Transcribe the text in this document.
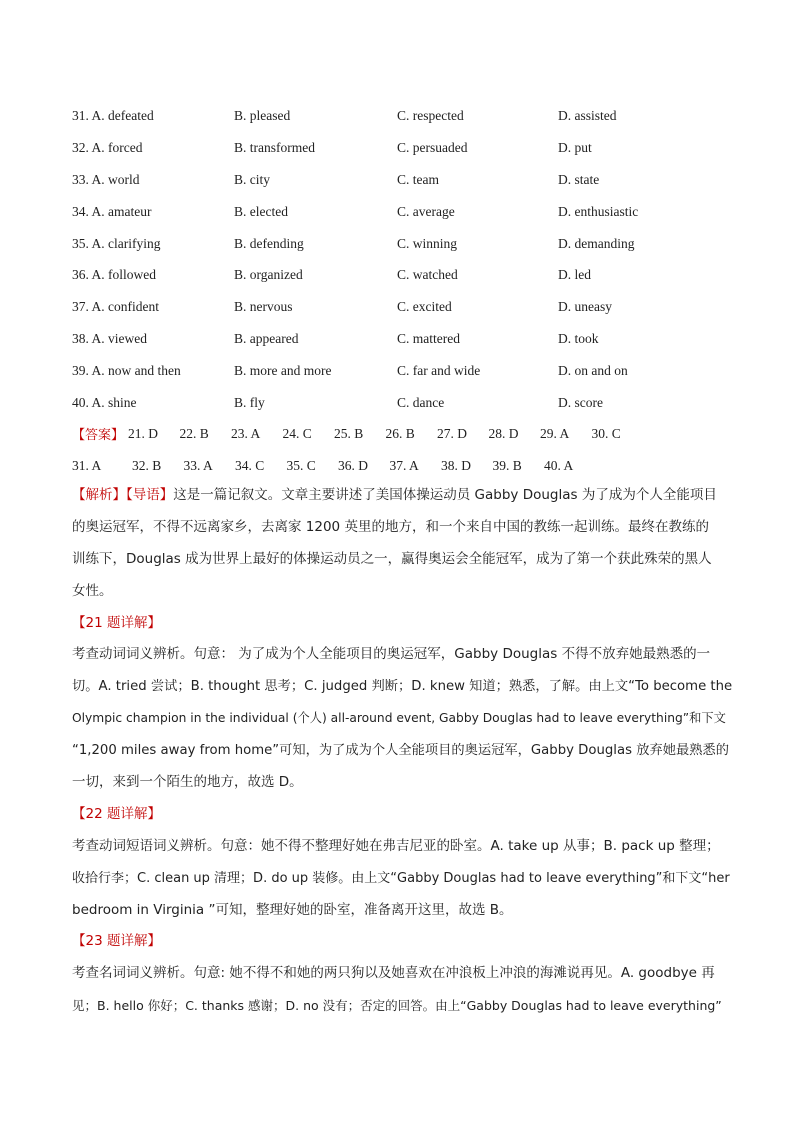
31. A. defeated	B. pleased	C. respected	D. assisted
32. A. forced	B. transformed	C. persuaded	D. put
33. A. world	B. city	C. team	D. state
34. A. amateur	B. elected	C. average	D. enthusiastic
35. A. clarifying	B. defending	C. winning	D. demanding
36. A. followed	B. organized	C. watched	D. led
37. A. confident	B. nervous	C. excited	D. uneasy
38. A. viewed	B. appeared	C. mattered	D. took
39. A. now and then	B. more and more	C. far and wide	D. on and on
40. A. shine	B. fly	C. dance	D. score
【答案】 21. D	22. B	23. A	24. C	25. B	26. B	27. D	28. D	29. A	30. C
31. A	32. B	33. A	34. C	35. C	36. D	37. A	38. D	39. B	40. A
【解析】【导语】这是一篇记叙文。文章主要讲述了美国体操运动员 Gabby Douglas 为了成为个人全能项目
的奥运冠军，不得不远离家乡，去离家 1200 英里的地方，和一个来自中国的教练一起训练。最终在教练的
训练下，Douglas 成为世界上最好的体操运动员之一，赢得奥运会全能冠军，成为了第一个获此殊荣的黑人
女性。
【21 题详解】
考查动词词义辨析。句意： 为了成为个人全能项目的奥运冠军，Gabby Douglas 不得不放弃她最熟悉的一
切。A. tried 尝试；B. thought 思考；C. judged 判断；D. knew 知道；熟悉，了解。由上文“To become the
Olympic champion in the individual (个人) all-around event, Gabby Douglas had to leave everything”和下文
“1,200 miles away from home”可知，为了成为个人全能项目的奥运冠军，Gabby Douglas 放弃她最熟悉的
一切，来到一个陌生的地方，故选 D。
【22 题详解】
考查动词短语词义辨析。句意：她不得不整理好她在弗吉尼亚的卧室。A. take up 从事；B. pack up 整理；
收拾行李；C. clean up 清理；D. do up 装修。由上文“Gabby Douglas had to leave everything”和下文“her
bedroom in Virginia ”可知，整理好她的卧室，准备离开这里，故选 B。
【23 题详解】
考查名词词义辨析。句意: 她不得不和她的两只狗以及她喜欢在冲浪板上冲浪的海滩说再见。A. goodbye 再
见；B. hello 你好；C. thanks 感谢；D. no 没有；否定的回答。由上“Gabby Douglas had to leave everything”
